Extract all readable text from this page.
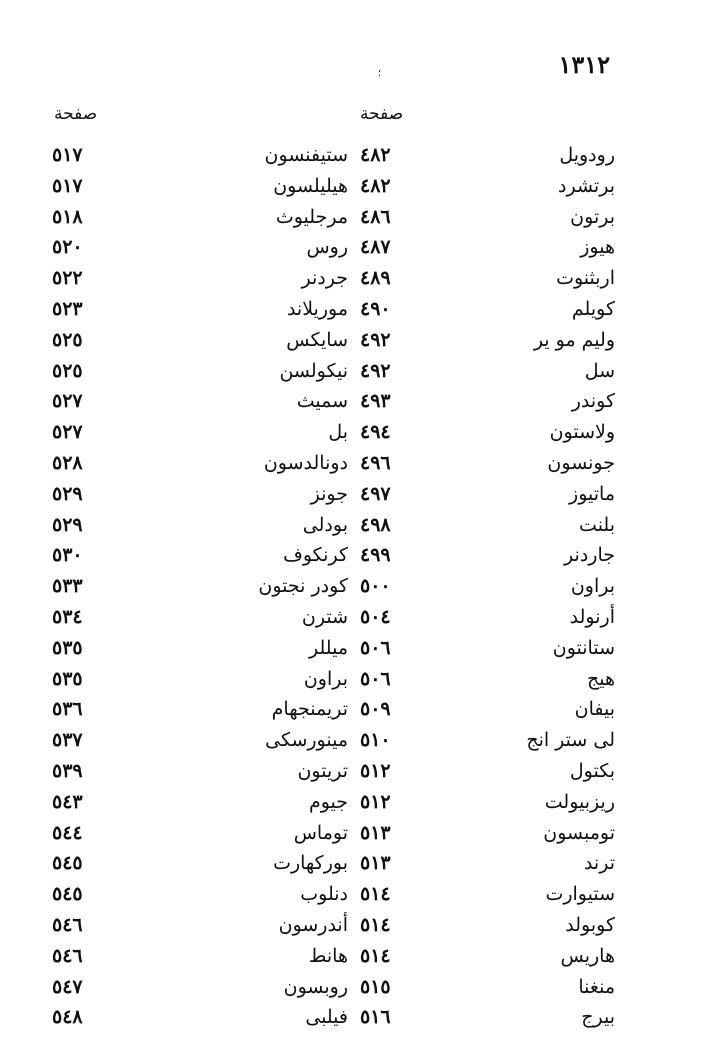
١٣١٢
؛
صفحة
صفحة
رودويل
٤٨٢
برتشرد
٤٨٢
برتون
٤٨٦
هيوز
٤٨٧
اربثنوت
٤٨٩
كويلم
٤٩٠
وليم مو ير
٤٩٢
سل
٤٩٢
كوندر
٤٩٣
ولاستون
٤٩٤
جونسون
٤٩٦
ماتيوز
٤٩٧
بلنت
٤٩٨
جاردنر
٤٩٩
براون
٥٠٠
أرنولد
٥٠٤
ستانتون
٥٠٦
هيج
٥٠٦
بيفان
٥٠٩
لى ستر انج
٥١٠
بكتول
٥١٢
ريزبيولت
٥١٢
تومبسون
٥١٣
ترند
٥١٣
ستيوارت
٥١٤
كوبولد
٥١٤
هاريس
٥١٤
منغنا
٥١٥
بيرج
٥١٦
ستيفنسون
٥١٧
هيليلسون
٥١٧
مرجليوث
٥١٨
روس
٥٢٠
جردنر
٥٢٢
موريلاند
٥٢٣
سايكس
٥٢٥
نيكولسن
٥٢٥
سميث
٥٢٧
بل
٥٢٧
دونالدسون
٥٢٨
جونز
٥٢٩
بودلى
٥٢٩
كرنكوف
٥٣٠
كودر نجتون
٥٣٣
شترن
٥٣٤
ميللر
٥٣٥
براون
٥٣٥
تريمنجهام
٥٣٦
مينورسكى
٥٣٧
تريتون
٥٣٩
جيوم
٥٤٣
توماس
٥٤٤
بوركهارت
٥٤٥
دنلوب
٥٤٥
أندرسون
٥٤٦
هانط
٥٤٦
روبسون
٥٤٧
فيلبى
٥٤٨
